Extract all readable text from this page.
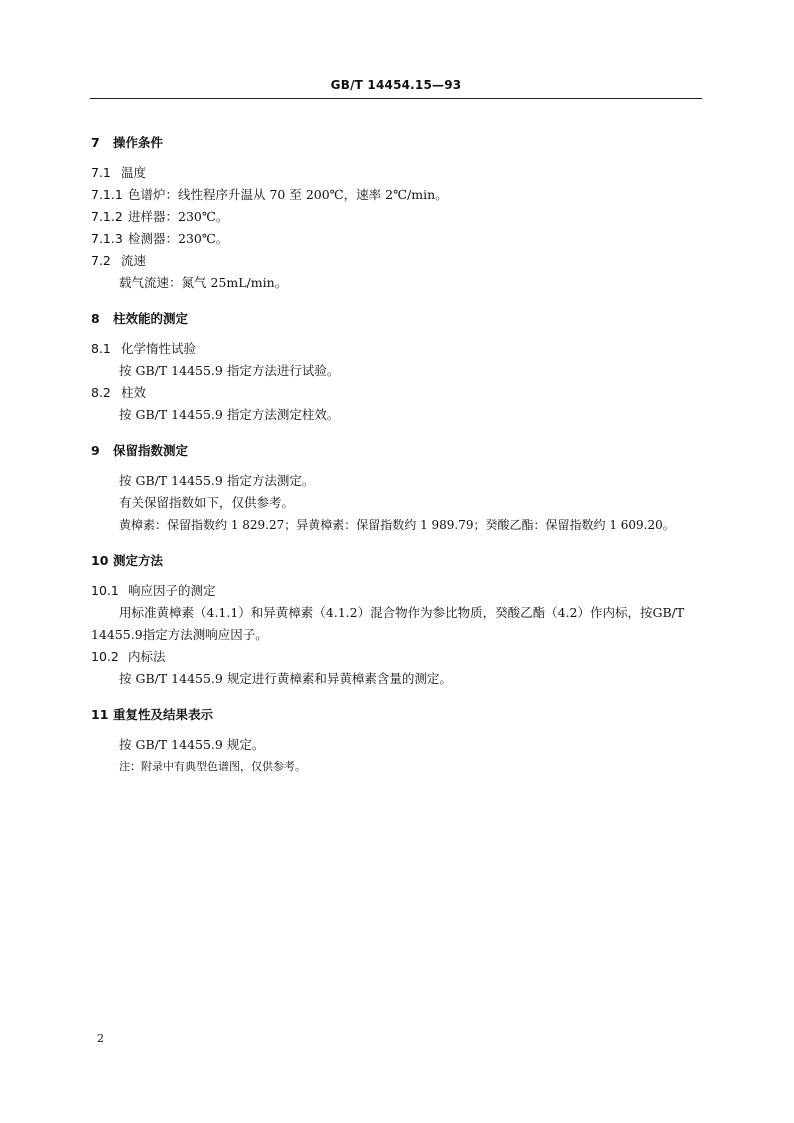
GB/T 14454.15—93
7 操作条件
7.1 温度
7.1.1 色谱炉：线性程序升温从 70 至 200℃，速率 2℃/min。
7.1.2 进样器：230℃。
7.1.3 检测器：230℃。
7.2 流速

载气流速：氮气 25mL/min。

8 柱效能的测定
8.1 化学惰性试验

按 GB/T 14455.9 指定方法进行试验。

8.2 柱效

按 GB/T 14455.9 指定方法测定柱效。

9 保留指数测定

按 GB/T 14455.9 指定方法测定。

有关保留指数如下，仅供参考。

黄樟素：保留指数约 1 829.27；异黄樟素：保留指数约 1 989.79；癸酸乙酯：保留指数约 1 609.20。

10 测定方法
10.1 响应因子的测定

用标准黄樟素（4.1.1）和异黄樟素（4.1.2）混合物作为参比物质，癸酸乙酯（4.2）作内标，按GB/T 14455.9指定方法测响应因子。

10.2 内标法

按 GB/T 14455.9 规定进行黄樟素和异黄樟素含量的测定。

11 重复性及结果表示

按 GB/T 14455.9 规定。

注：附录中有典型色谱图，仅供参考。

2
